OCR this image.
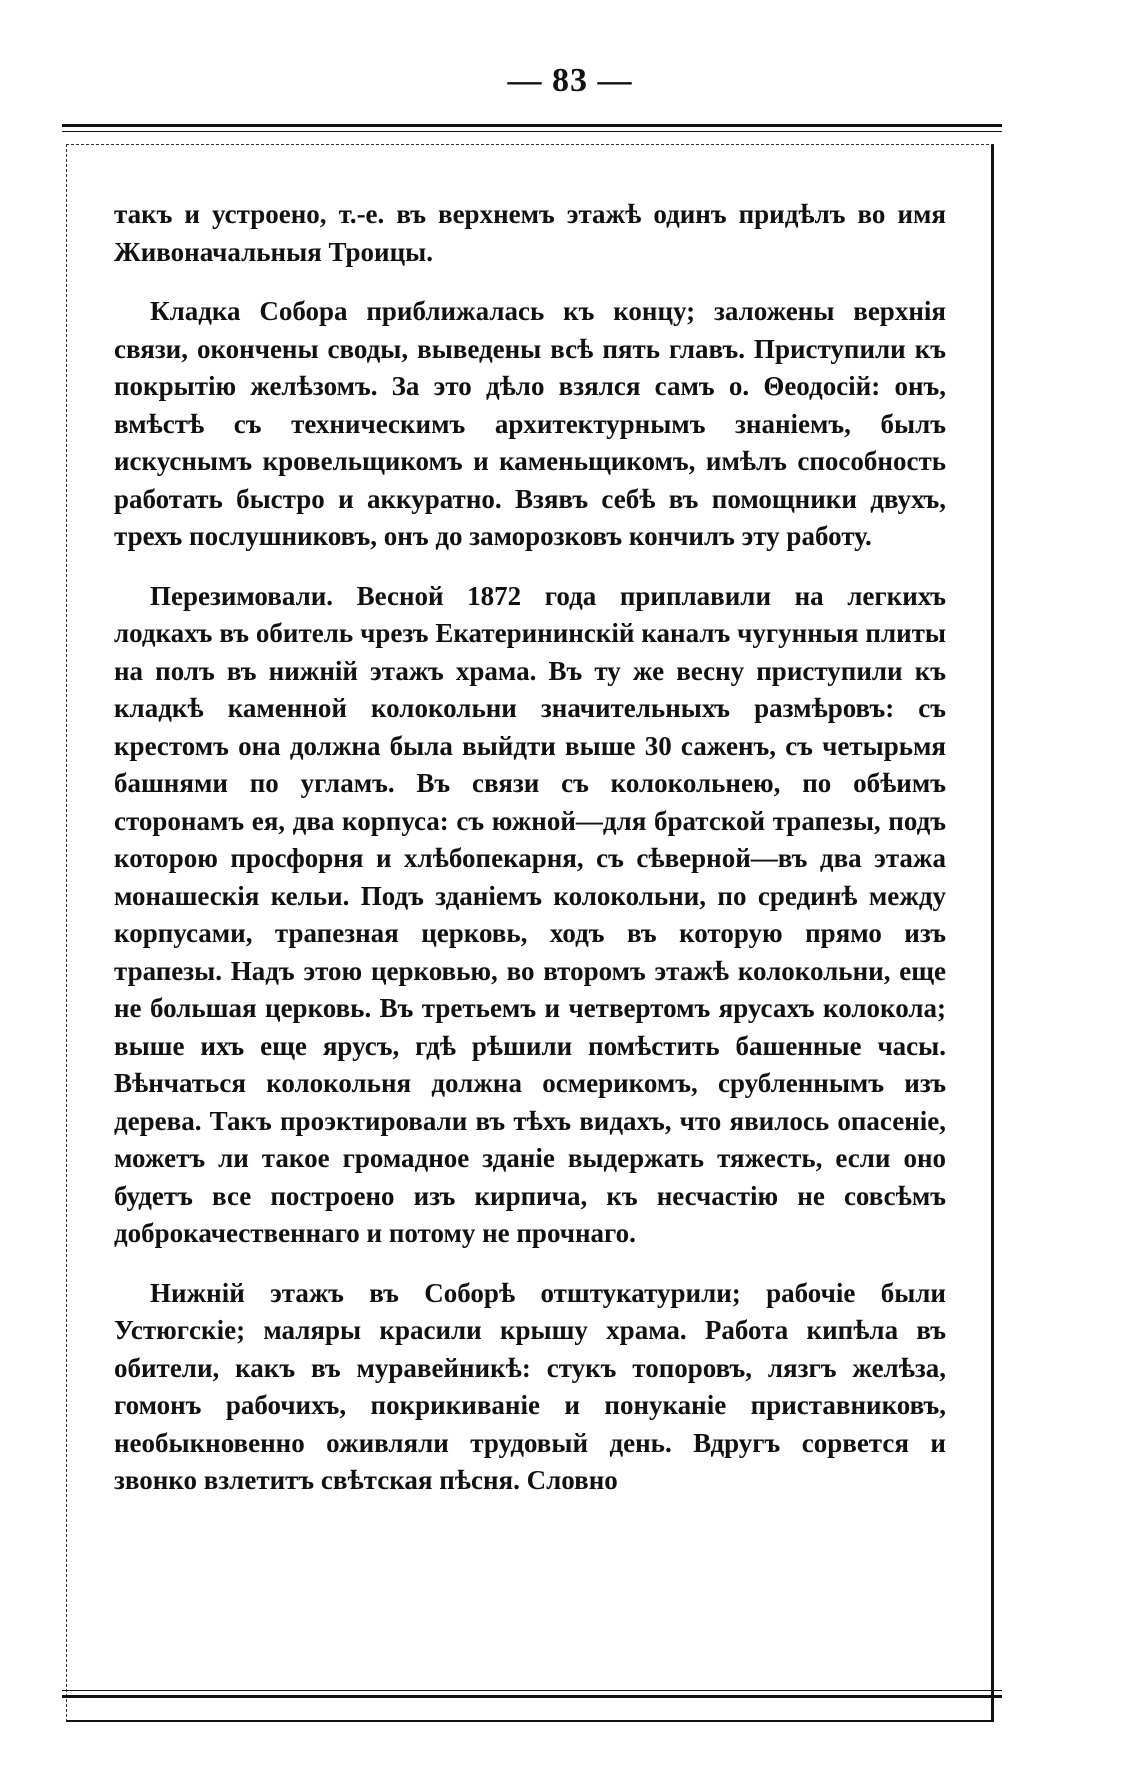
— 83 —

такъ и устроено, т.-е. въ верхнемъ этажѣ одинъ придѣлъ во имя Живоначальныя Троицы.

Кладка Собора приближалась къ концу; заложены верхнія связи, окончены своды, выведены всѣ пять главъ. Приступили къ покрытію желѣзомъ. За это дѣло взялся самъ о. Θеодосій: онъ, вмѣстѣ съ техническимъ архитектурнымъ знаніемъ, былъ искуснымъ кровельщикомъ и каменьщикомъ, имѣлъ способность работать быстро и аккуратно. Взявъ себѣ въ помощники двухъ, трехъ послушниковъ, онъ до заморозковъ кончилъ эту работу.

Перезимовали. Весной 1872 года приплавили на легкихъ лодкахъ въ обитель чрезъ Екатерининскій каналъ чугунныя плиты на полъ въ нижній этажъ храма. Въ ту же весну приступили къ кладкѣ каменной колокольни значительныхъ размѣровъ: съ крестомъ она должна была выйдти выше 30 саженъ, съ четырьмя башнями по угламъ. Въ связи съ колокольнею, по обѣимъ сторонамъ ея, два корпуса: съ южной—для братской трапезы, подъ которою просфорня и хлѣбопекарня, съ сѣверной—въ два этажа монашескія кельи. Подъ зданіемъ колокольни, по срединѣ между корпусами, трапезная церковь, ходъ въ которую прямо изъ трапезы. Надъ этою церковью, во второмъ этажѣ колокольни, еще не большая церковь. Въ третьемъ и четвертомъ ярусахъ колокола; выше ихъ еще ярусъ, гдѣ рѣшили помѣстить башенные часы. Вѣнчаться колокольня должна осмерикомъ, срубленнымъ изъ дерева. Такъ проэктировали въ тѣхъ видахъ, что явилось опасеніе, можетъ ли такое громадное зданіе выдержать тяжесть, если оно будетъ все построено изъ кирпича, къ несчастію не совсѣмъ доброкачественнаго и потому не прочнаго.

Нижній этажъ въ Соборѣ отштукатурили; рабочіе были Устюгскіе; маляры красили крышу храма. Работа кипѣла въ обители, какъ въ муравейникѣ: стукъ топоровъ, лязгъ желѣза, гомонъ рабочихъ, покрикиваніе и понуканіе приставниковъ, необыкновенно оживляли трудовый день. Вдругъ сорвется и звонко взлетитъ свѣтская пѣсня. Словно
